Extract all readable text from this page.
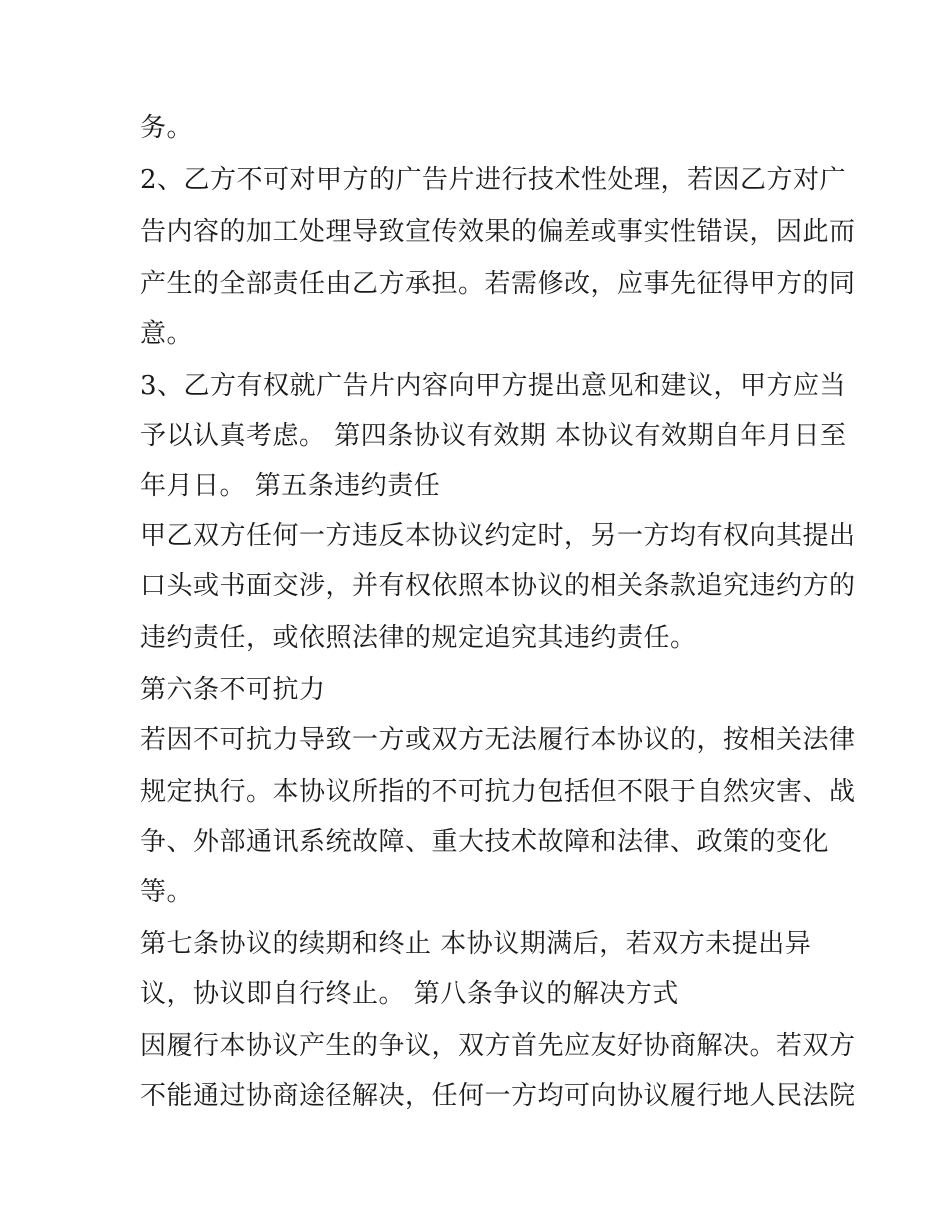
务。
2、乙方不可对甲方的广告片进行技术性处理，若因乙方对广
告内容的加工处理导致宣传效果的偏差或事实性错误，因此而
产生的全部责任由乙方承担。若需修改，应事先征得甲方的同
意。
3、乙方有权就广告片内容向甲方提出意见和建议，甲方应当
予以认真考虑。 第四条协议有效期 本协议有效期自年月日至
年月日。 第五条违约责任
甲乙双方任何一方违反本协议约定时，另一方均有权向其提出
口头或书面交涉，并有权依照本协议的相关条款追究违约方的
违约责任，或依照法律的规定追究其违约责任。
第六条不可抗力
若因不可抗力导致一方或双方无法履行本协议的，按相关法律
规定执行。本协议所指的不可抗力包括但不限于自然灾害、战
争、外部通讯系统故障、重大技术故障和法律、政策的变化
等。
第七条协议的续期和终止 本协议期满后，若双方未提出异
议，协议即自行终止。 第八条争议的解决方式
因履行本协议产生的争议，双方首先应友好协商解决。若双方
不能通过协商途径解决，任何一方均可向协议履行地人民法院
